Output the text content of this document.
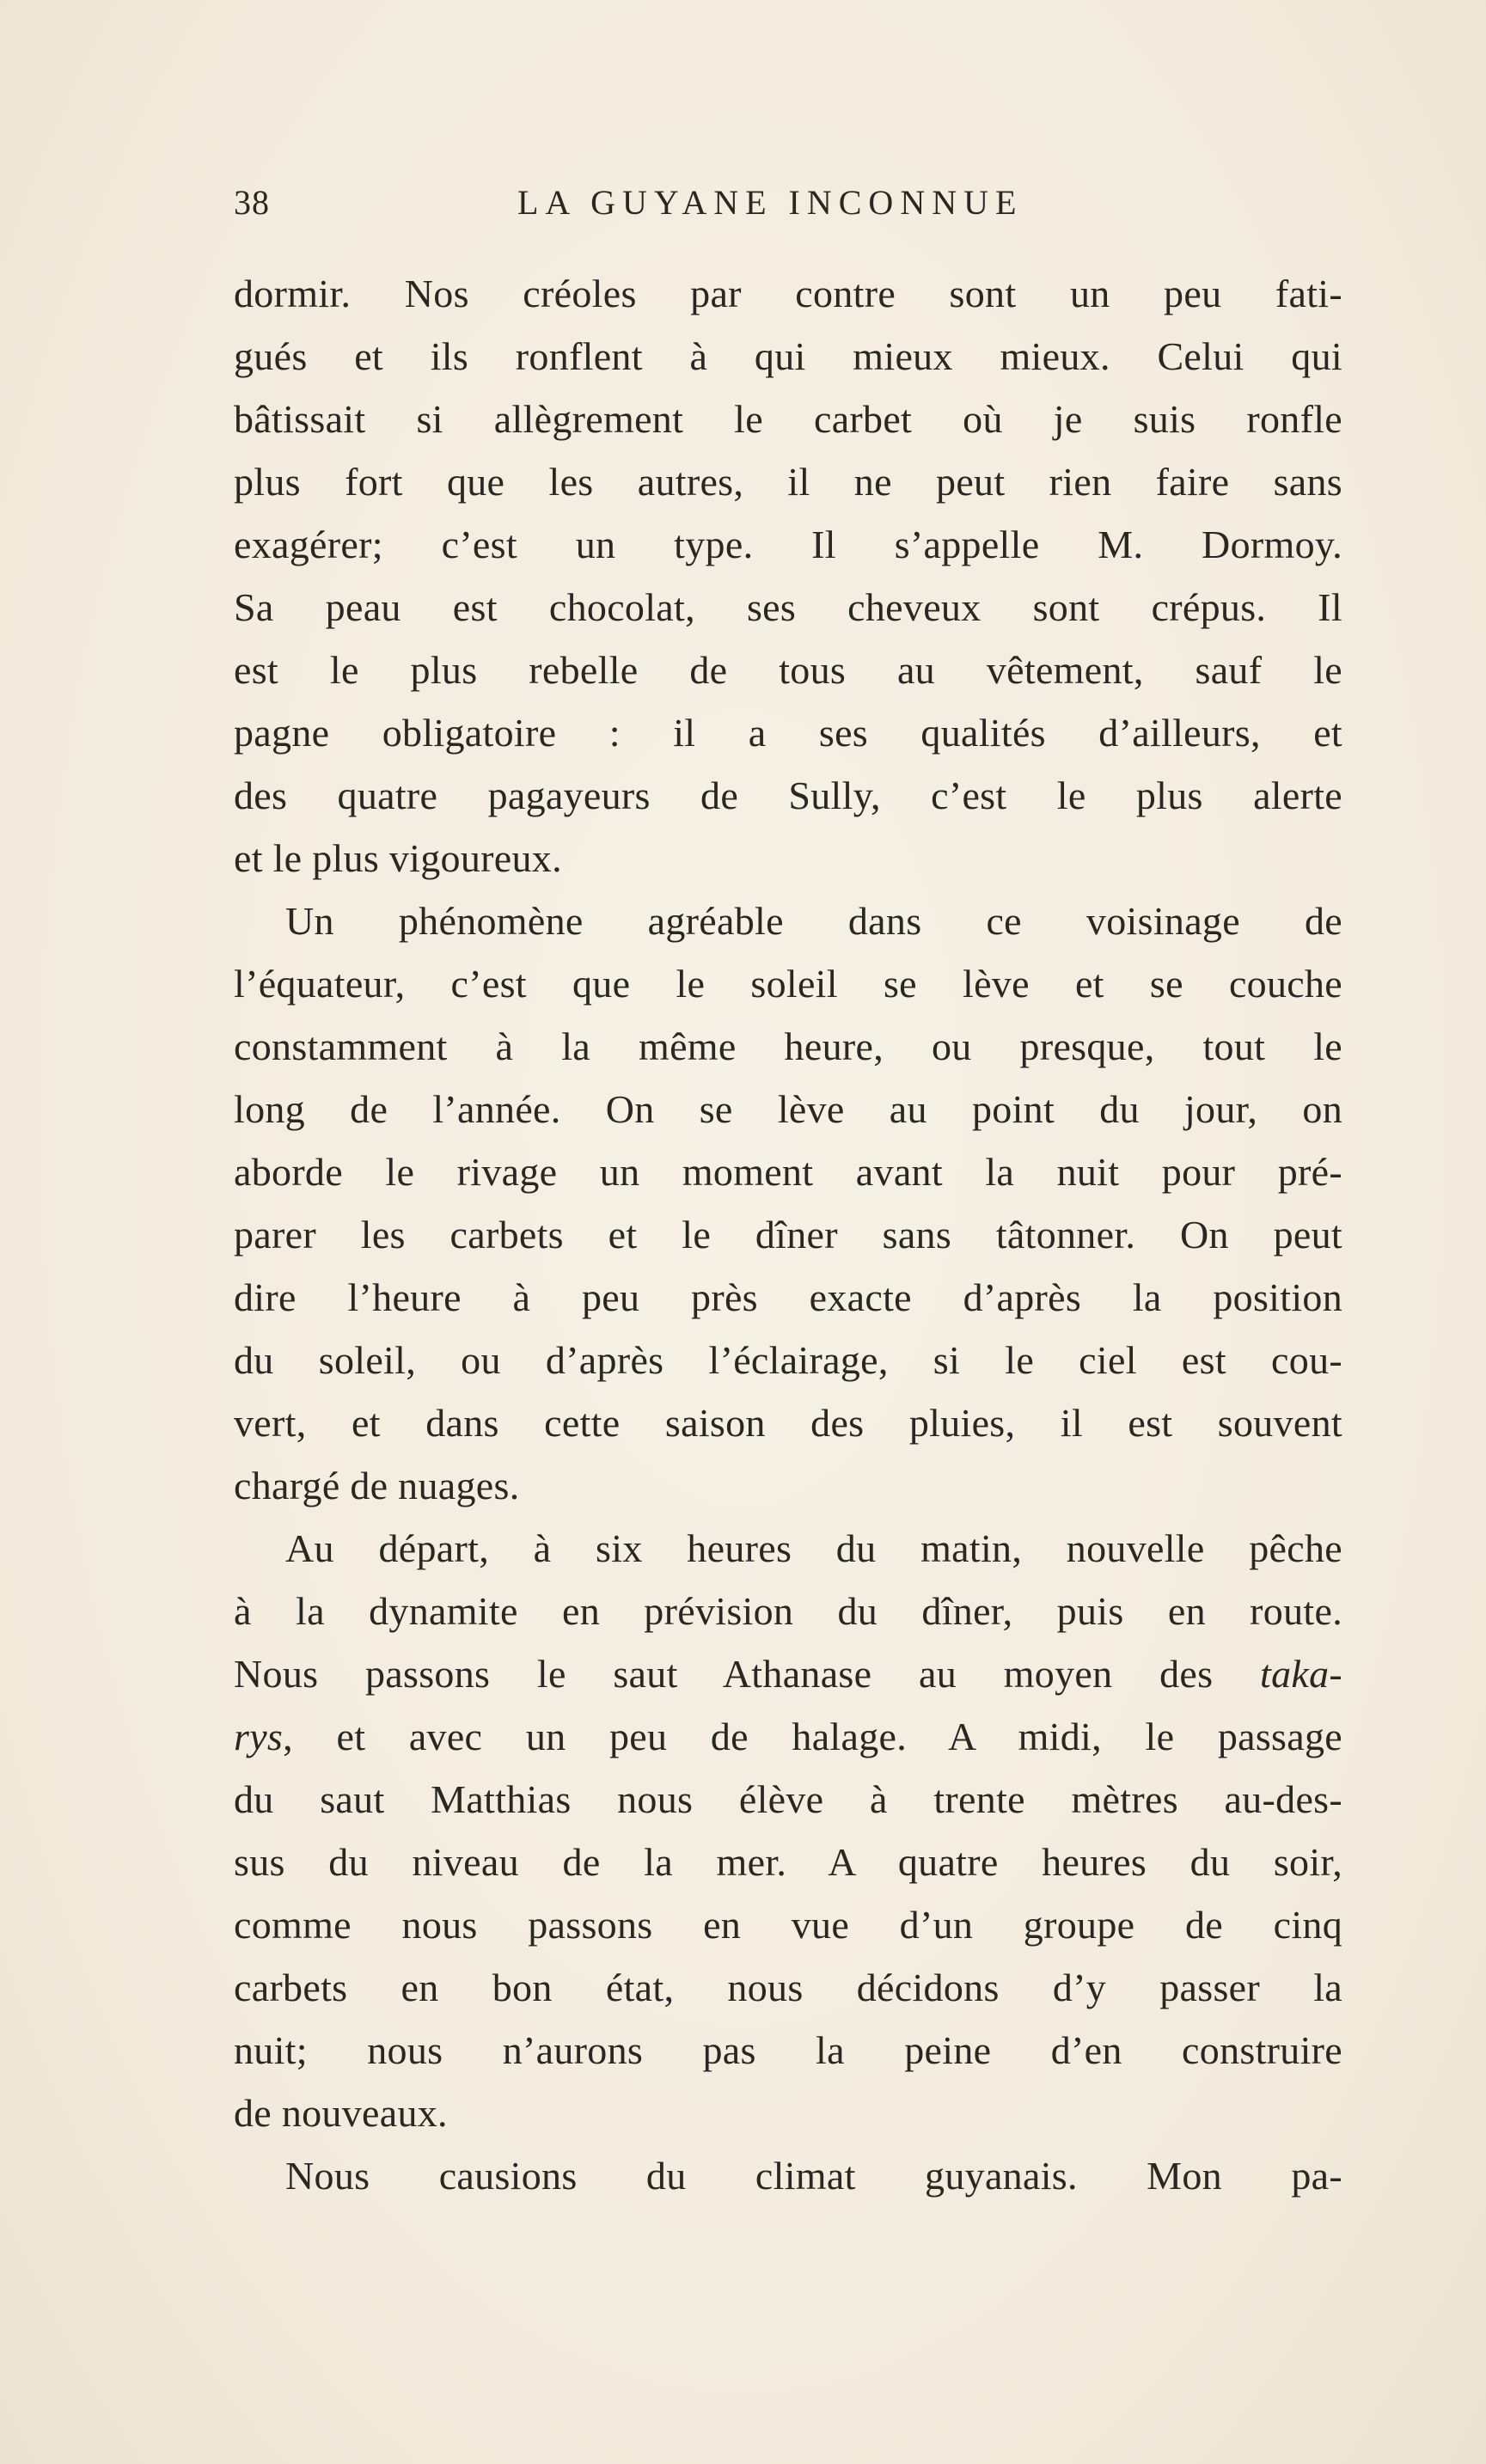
38	LA GUYANE INCONNUE
dormir. Nos créoles par contre sont un peu fati-
gués et ils ronflent à qui mieux mieux. Celui qui
bâtissait si allègrement le carbet où je suis ronfle
plus fort que les autres, il ne peut rien faire sans
exagérer; c’est un type. Il s’appelle M. Dormoy.
Sa peau est chocolat, ses cheveux sont crépus. Il
est le plus rebelle de tous au vêtement, sauf le
pagne obligatoire : il a ses qualités d’ailleurs, et
des quatre pagayeurs de Sully, c’est le plus alerte
et le plus vigoureux.
Un phénomène agréable dans ce voisinage de
l’équateur, c’est que le soleil se lève et se couche
constamment à la même heure, ou presque, tout le
long de l’année. On se lève au point du jour, on
aborde le rivage un moment avant la nuit pour pré-
parer les carbets et le dîner sans tâtonner. On peut
dire l’heure à peu près exacte d’après la position
du soleil, ou d’après l’éclairage, si le ciel est cou-
vert, et dans cette saison des pluies, il est souvent
chargé de nuages.
Au départ, à six heures du matin, nouvelle pêche
à la dynamite en prévision du dîner, puis en route.
Nous passons le saut Athanase au moyen des taka-
rys, et avec un peu de halage. A midi, le passage
du saut Matthias nous élève à trente mètres au-des-
sus du niveau de la mer. A quatre heures du soir,
comme nous passons en vue d’un groupe de cinq
carbets en bon état, nous décidons d’y passer la
nuit; nous n’aurons pas la peine d’en construire
de nouveaux.
Nous causions du climat guyanais. Mon pa-
